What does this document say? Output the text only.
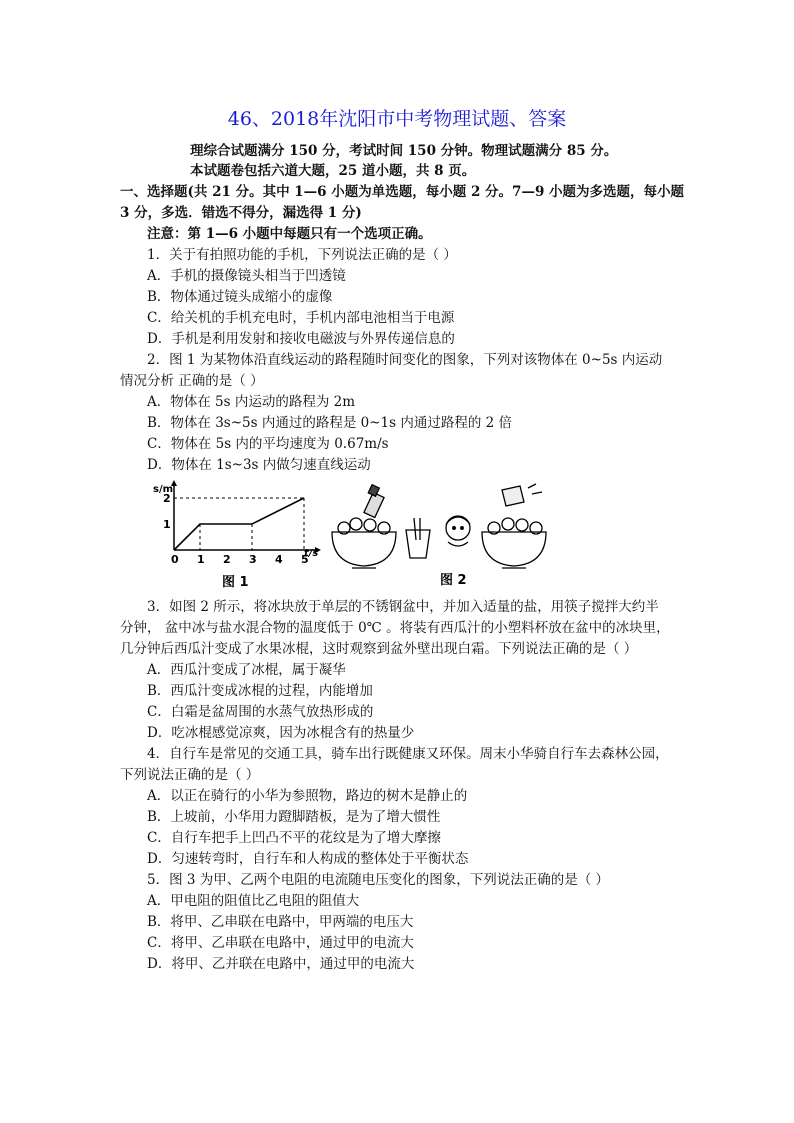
46、2018年沈阳市中考物理试题、答案
理综合试题满分 150 分，考试时间 150 分钟。物理试题满分 85 分。
本试题卷包括六道大题，25 道小题，共 8 页。
一、选择题(共 21 分。其中 1—6 小题为单选题，每小题 2 分。7—9 小题为多选题，每小题
3 分，多选．错选不得分，漏选得 1 分)
注意：第 1—6 小题中每题只有一个选项正确。
1．关于有拍照功能的手机，下列说法正确的是（ ）
A．手机的摄像镜头相当于凹透镜
B．物体通过镜头成缩小的虚像
C．给关机的手机充电时，手机内部电池相当于电源
D．手机是利用发射和接收电磁波与外界传递信息的
2．图 1 为某物体沿直线运动的路程随时间变化的图象，下列对该物体在 0~5s 内运动
情况分析 正确的是（ ）
A．物体在 5s 内运动的路程为 2m
B．物体在 3s~5s 内通过的路程是 0~1s 内通过路程的 2 倍
C．物体在 5s 内的平均速度为 0.67m/s
D．物体在 1s~3s 内做匀速直线运动
s/m
t/s
0 1 2 3 4 5
1
2
图 1	图 2
3．如图 2 所示，将冰块放于单层的不锈钢盆中，并加入适量的盐，用筷子搅拌大约半
分钟， 盆中冰与盐水混合物的温度低于 0℃ 。将装有西瓜汁的小塑料杯放在盆中的冰块里，
几分钟后西瓜汁变成了水果冰棍，这时观察到盆外壁出现白霜。下列说法正确的是（ ）
A．西瓜汁变成了冰棍，属于凝华
B．西瓜汁变成冰棍的过程，内能增加
C．白霜是盆周围的水蒸气放热形成的
D．吃冰棍感觉凉爽，因为冰棍含有的热量少
4．自行车是常见的交通工具，骑车出行既健康又环保。周末小华骑自行车去森林公园，
下列说法正确的是（ ）
A．以正在骑行的小华为参照物，路边的树木是静止的
B．上坡前，小华用力蹬脚踏板，是为了增大惯性
C．自行车把手上凹凸不平的花纹是为了增大摩擦
D．匀速转弯时，自行车和人构成的整体处于平衡状态
5．图 3 为甲、乙两个电阻的电流随电压变化的图象，下列说法正确的是（ ）
A．甲电阻的阻值比乙电阻的阻值大
B．将甲、乙串联在电路中，甲两端的电压大
C．将甲、乙串联在电路中，通过甲的电流大
D．将甲、乙并联在电路中，通过甲的电流大
